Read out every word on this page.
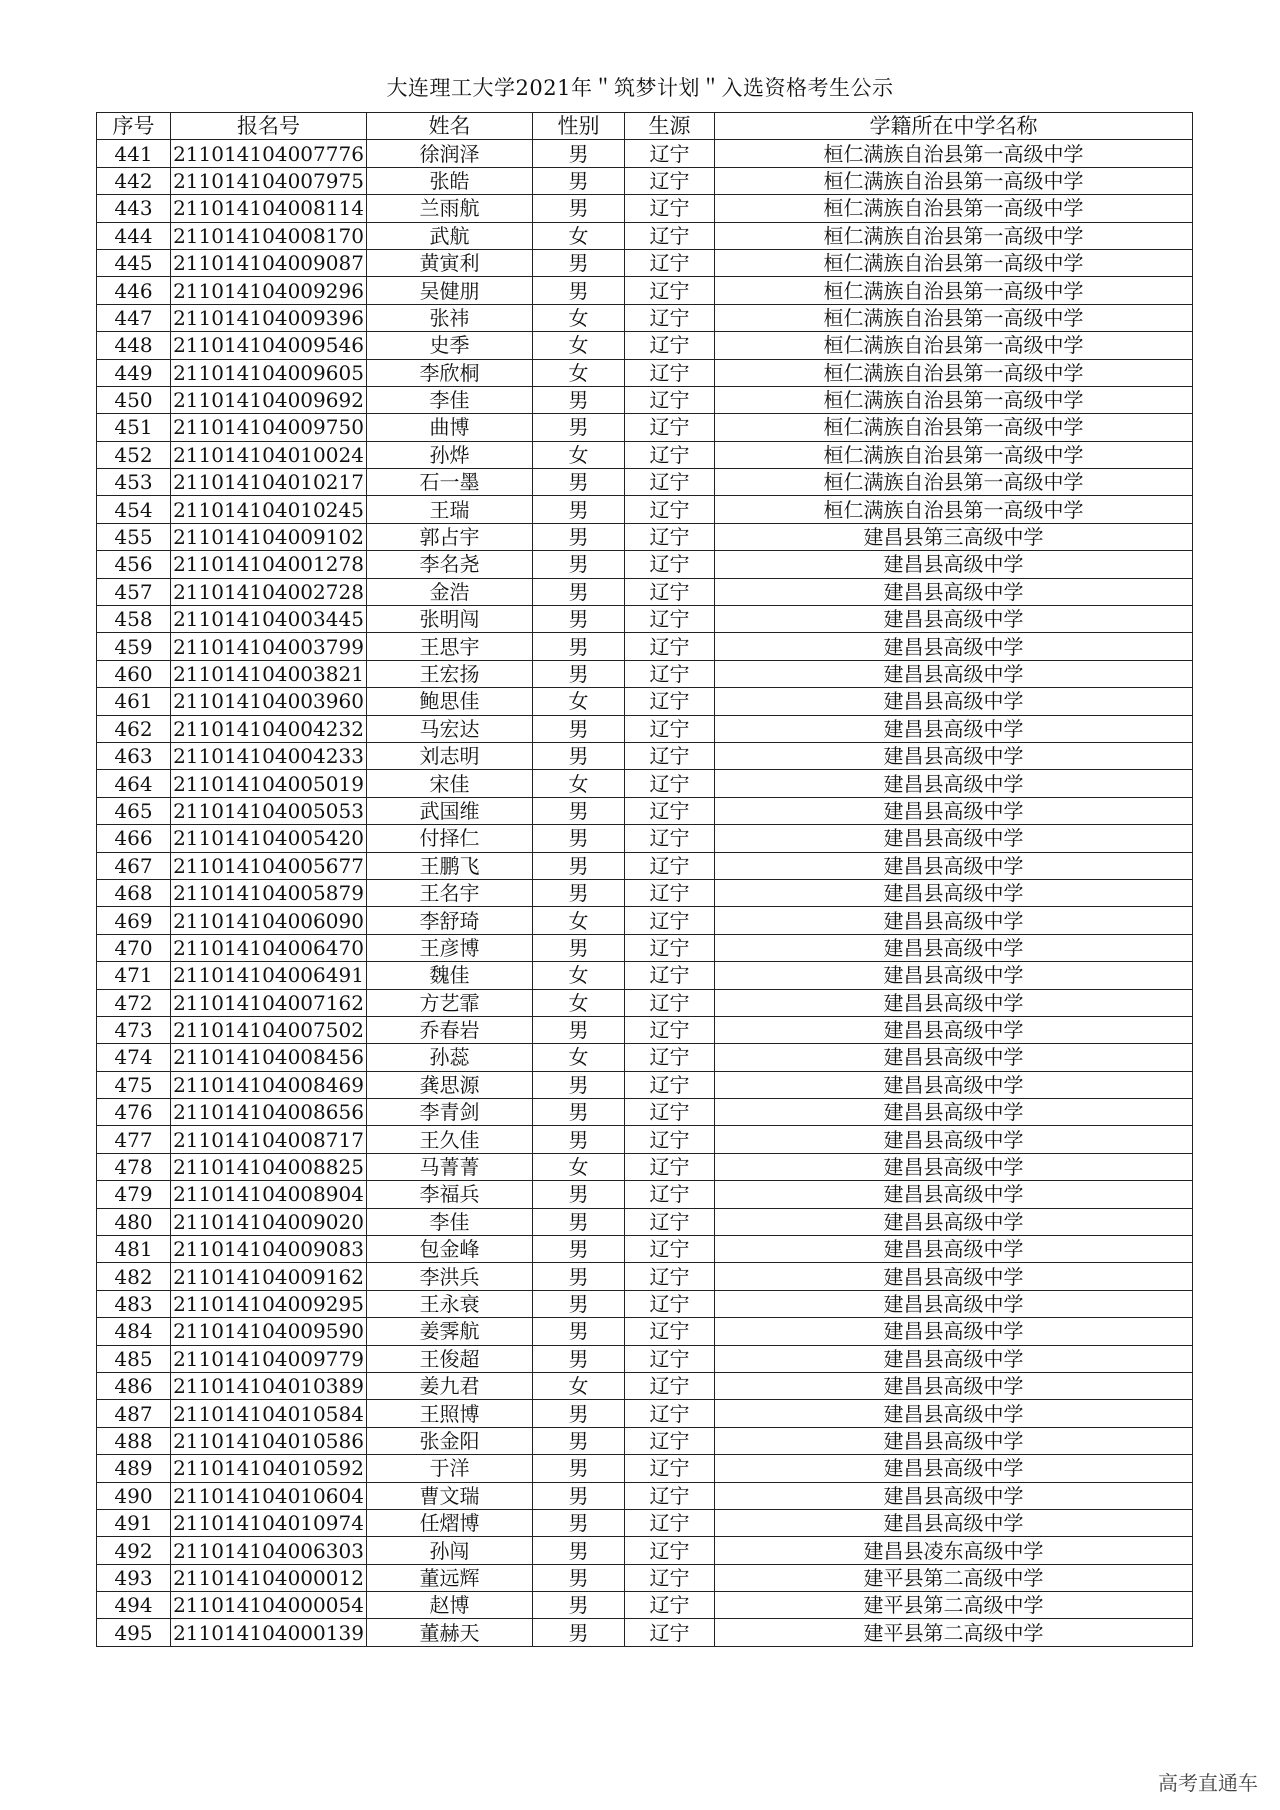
大连理工大学2021年＂筑梦计划＂入选资格考生公示
序号	报名号	姓名	性别	生源	学籍所在中学名称
441	211014104007776	徐润泽	男	辽宁	桓仁满族自治县第一高级中学
442	211014104007975	张皓	男	辽宁	桓仁满族自治县第一高级中学
443	211014104008114	兰雨航	男	辽宁	桓仁满族自治县第一高级中学
444	211014104008170	武航	女	辽宁	桓仁满族自治县第一高级中学
445	211014104009087	黄寅利	男	辽宁	桓仁满族自治县第一高级中学
446	211014104009296	吴健朋	男	辽宁	桓仁满族自治县第一高级中学
447	211014104009396	张祎	女	辽宁	桓仁满族自治县第一高级中学
448	211014104009546	史季	女	辽宁	桓仁满族自治县第一高级中学
449	211014104009605	李欣桐	女	辽宁	桓仁满族自治县第一高级中学
450	211014104009692	李佳	男	辽宁	桓仁满族自治县第一高级中学
451	211014104009750	曲博	男	辽宁	桓仁满族自治县第一高级中学
452	211014104010024	孙烨	女	辽宁	桓仁满族自治县第一高级中学
453	211014104010217	石一墨	男	辽宁	桓仁满族自治县第一高级中学
454	211014104010245	王瑞	男	辽宁	桓仁满族自治县第一高级中学
455	211014104009102	郭占宇	男	辽宁	建昌县第三高级中学
456	211014104001278	李名尧	男	辽宁	建昌县高级中学
457	211014104002728	金浩	男	辽宁	建昌县高级中学
458	211014104003445	张明闯	男	辽宁	建昌县高级中学
459	211014104003799	王思宇	男	辽宁	建昌县高级中学
460	211014104003821	王宏扬	男	辽宁	建昌县高级中学
461	211014104003960	鲍思佳	女	辽宁	建昌县高级中学
462	211014104004232	马宏达	男	辽宁	建昌县高级中学
463	211014104004233	刘志明	男	辽宁	建昌县高级中学
464	211014104005019	宋佳	女	辽宁	建昌县高级中学
465	211014104005053	武国维	男	辽宁	建昌县高级中学
466	211014104005420	付择仁	男	辽宁	建昌县高级中学
467	211014104005677	王鹏飞	男	辽宁	建昌县高级中学
468	211014104005879	王名宇	男	辽宁	建昌县高级中学
469	211014104006090	李舒琦	女	辽宁	建昌县高级中学
470	211014104006470	王彦博	男	辽宁	建昌县高级中学
471	211014104006491	魏佳	女	辽宁	建昌县高级中学
472	211014104007162	方艺霏	女	辽宁	建昌县高级中学
473	211014104007502	乔春岩	男	辽宁	建昌县高级中学
474	211014104008456	孙蕊	女	辽宁	建昌县高级中学
475	211014104008469	龚思源	男	辽宁	建昌县高级中学
476	211014104008656	李青剑	男	辽宁	建昌县高级中学
477	211014104008717	王久佳	男	辽宁	建昌县高级中学
478	211014104008825	马菁菁	女	辽宁	建昌县高级中学
479	211014104008904	李福兵	男	辽宁	建昌县高级中学
480	211014104009020	李佳	男	辽宁	建昌县高级中学
481	211014104009083	包金峰	男	辽宁	建昌县高级中学
482	211014104009162	李洪兵	男	辽宁	建昌县高级中学
483	211014104009295	王永衰	男	辽宁	建昌县高级中学
484	211014104009590	姜霁航	男	辽宁	建昌县高级中学
485	211014104009779	王俊超	男	辽宁	建昌县高级中学
486	211014104010389	姜九君	女	辽宁	建昌县高级中学
487	211014104010584	王照博	男	辽宁	建昌县高级中学
488	211014104010586	张金阳	男	辽宁	建昌县高级中学
489	211014104010592	于洋	男	辽宁	建昌县高级中学
490	211014104010604	曹文瑞	男	辽宁	建昌县高级中学
491	211014104010974	任熠博	男	辽宁	建昌县高级中学
492	211014104006303	孙闯	男	辽宁	建昌县凌东高级中学
493	211014104000012	董远辉	男	辽宁	建平县第二高级中学
494	211014104000054	赵博	男	辽宁	建平县第二高级中学
495	211014104000139	董赫天	男	辽宁	建平县第二高级中学
高考直通车
